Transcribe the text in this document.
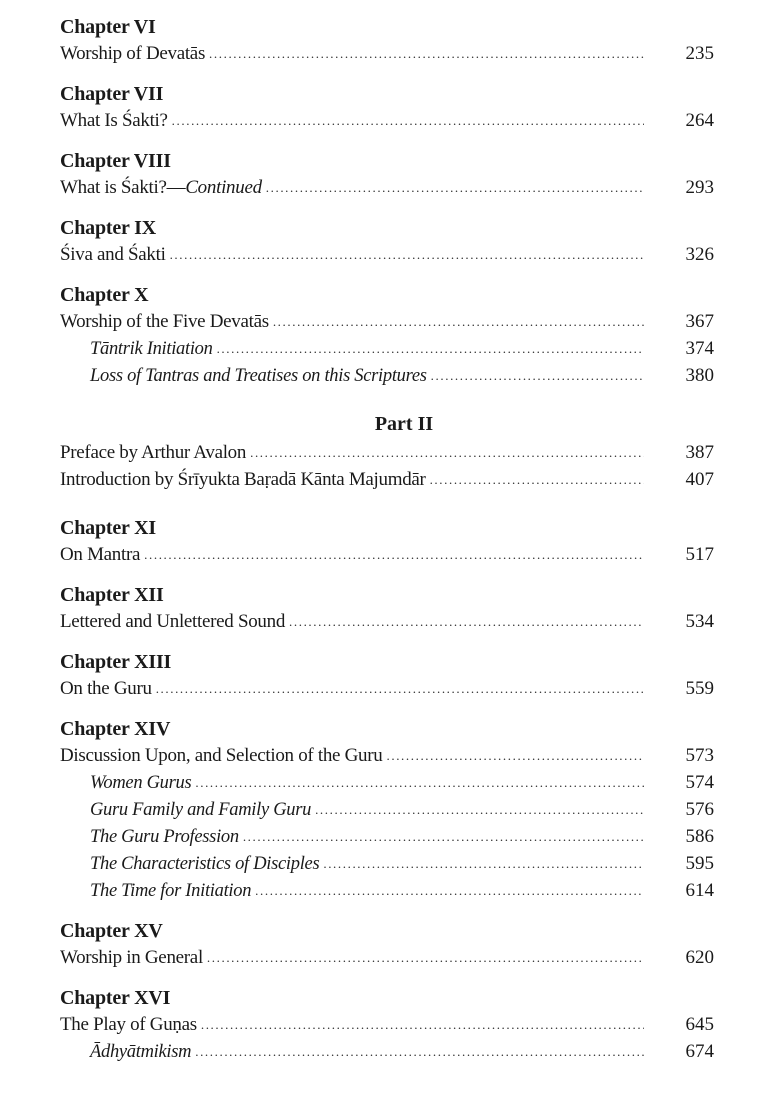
Chapter VI
Worship of Devatās .....	235
Chapter VII
What Is Śakti? .....	264
Chapter VIII
What is Śakti?—Continued .....	293
Chapter IX
Śiva and Śakti .....	326
Chapter X
Worship of the Five Devatās .....	367
Tāntrik Initiation .....	374
Loss of Tantras and Treatises on this Scriptures .....	380
Part II
Preface by Arthur Avalon .....	387
Introduction by Śrīyukta Baṛadā Kānta Majumdār .....	407
Chapter XI
On Mantra .....	517
Chapter XII
Lettered and Unlettered Sound .....	534
Chapter XIII
On the Guru .....	559
Chapter XIV
Discussion Upon, and Selection of the Guru .....	573
Women Gurus .....	574
Guru Family and Family Guru .....	576
The Guru Profession .....	586
The Characteristics of Disciples .....	595
The Time for Initiation .....	614
Chapter XV
Worship in General .....	620
Chapter XVI
The Play of Guṇas .....	645
Ādhyātmikism .....	674
